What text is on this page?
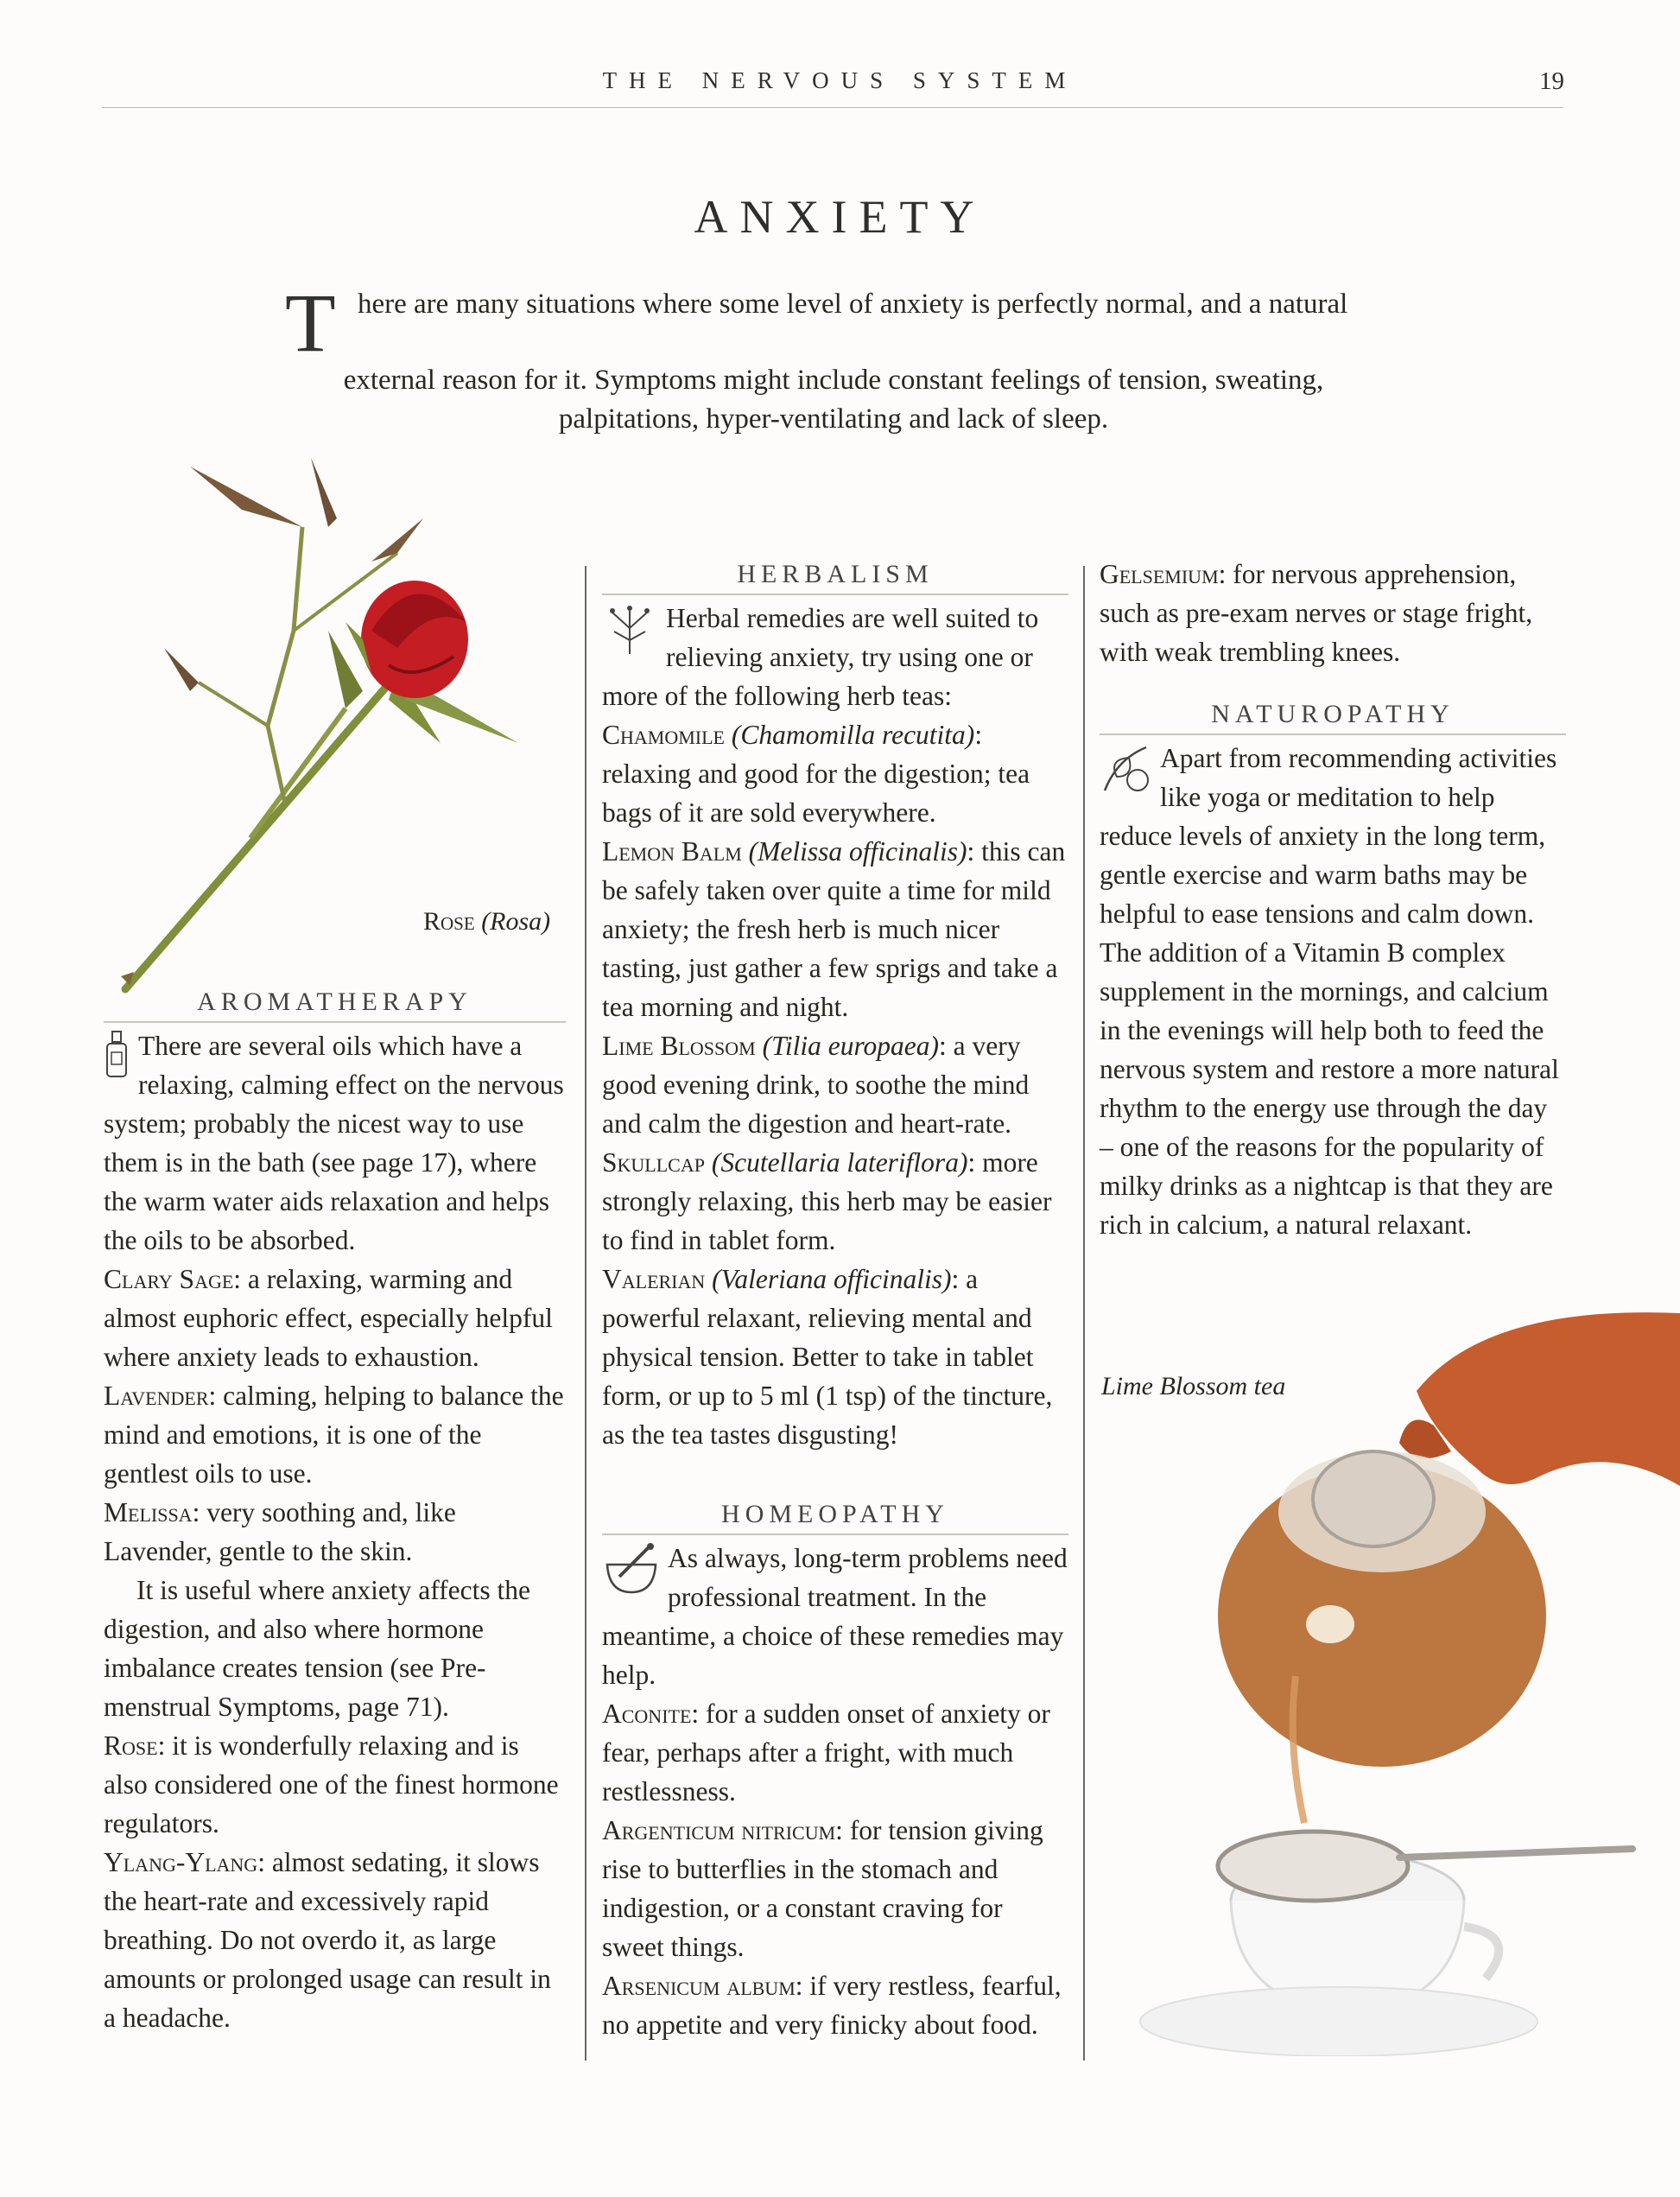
THE NERVOUS SYSTEM	19
ANXIETY
T here are many situations where some level of anxiety is perfectly normal, and a natural
external reason for it. Symptoms might include constant feelings of tension, sweating, palpitations, hyper-ventilating and lack of sleep.
Rose (Rosa)
AROMATHERAPY

There are several oils which have a relaxing, calming effect on the nervous system; probably the nicest way to use them is in the bath (see page 17), where the warm water aids relaxation and helps the oils to be absorbed.

Clary Sage: a relaxing, warming and almost euphoric effect, especially helpful where anxiety leads to exhaustion.

Lavender: calming, helping to balance the mind and emotions, it is one of the gentlest oils to use.

Melissa: very soothing and, like Lavender, gentle to the skin.

It is useful where anxiety affects the digestion, and also where hormone imbalance creates tension (see Pre-menstrual Symptoms, page 71).

Rose: it is wonderfully relaxing and is also considered one of the finest hormone regulators.

Ylang-Ylang: almost sedating, it slows the heart-rate and excessively rapid breathing. Do not overdo it, as large amounts or prolonged usage can result in a headache.

HERBALISM

Herbal remedies are well suited to relieving anxiety, try using one or more of the following herb teas:

Chamomile (Chamomilla recutita): relaxing and good for the digestion; tea bags of it are sold everywhere.

Lemon Balm (Melissa officinalis): this can be safely taken over quite a time for mild anxiety; the fresh herb is much nicer tasting, just gather a few sprigs and take a tea morning and night.

Lime Blossom (Tilia europaea): a very good evening drink, to soothe the mind and calm the digestion and heart-rate.

Skullcap (Scutellaria lateriflora): more strongly relaxing, this herb may be easier to find in tablet form.

Valerian (Valeriana officinalis): a powerful relaxant, relieving mental and physical tension. Better to take in tablet form, or up to 5 ml (1 tsp) of the tincture, as the tea tastes disgusting!

HOMEOPATHY

As always, long-term problems need professional treatment. In the meantime, a choice of these remedies may help.

Aconite: for a sudden onset of anxiety or fear, perhaps after a fright, with much restlessness.

Argenticum nitricum: for tension giving rise to butterflies in the stomach and indigestion, or a constant craving for sweet things.

Arsenicum album: if very restless, fearful, no appetite and very finicky about food.

Gelsemium: for nervous apprehension, such as pre-exam nerves or stage fright, with weak trembling knees.

NATUROPATHY

Apart from recommending activities like yoga or meditation to help reduce levels of anxiety in the long term, gentle exercise and warm baths may be helpful to ease tensions and calm down. The addition of a Vitamin B complex supplement in the mornings, and calcium in the evenings will help both to feed the nervous system and restore a more natural rhythm to the energy use through the day – one of the reasons for the popularity of milky drinks as a nightcap is that they are rich in calcium, a natural relaxant.

Lime Blossom tea
